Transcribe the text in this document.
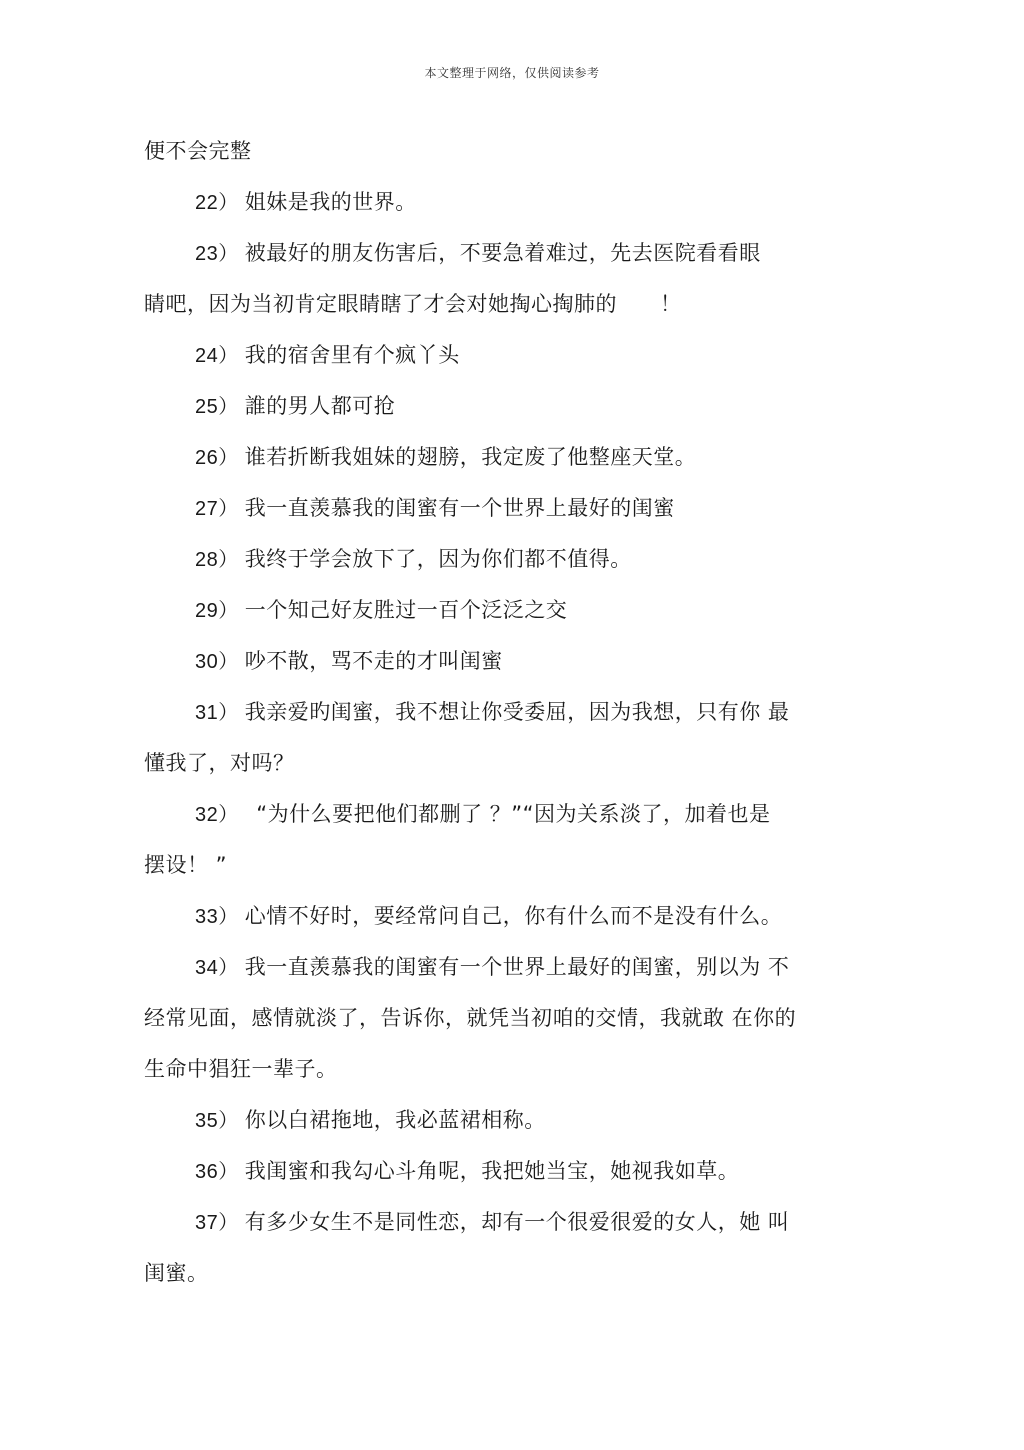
本文整理于网络，仅供阅读参考
便不会完整
22） 姐妹是我的世界。
23） 被最好的朋友伤害后，不要急着难过，先去医院看看眼
睛吧，因为当初肯定眼睛瞎了才会对她掏心掏肺的　　！
24） 我的宿舍里有个疯丫头
25） 誰的男人都可抢
26） 谁若折断我姐妹的翅膀，我定废了他整座天堂。
27） 我一直羡慕我的闺蜜有一个世界上最好的闺蜜
28） 我终于学会放下了，因为你们都不值得。
29） 一个知己好友胜过一百个泛泛之交
30） 吵不散，骂不走的才叫闺蜜
31） 我亲爱旳闺蜜，我不想让你受委屈，因为我想，只有你 最
懂我了，对吗？
32）　“为什么要把他们都删了 ？”“因为关系淡了，加着也是
摆设！ ”
33） 心情不好时，要经常问自己，你有什么而不是没有什么。
34） 我一直羡慕我的闺蜜有一个世界上最好的闺蜜，别以为 不
经常见面，感情就淡了，告诉你，就凭当初咱的交情，我就敢 在你的
生命中猖狂一辈子。
35） 你以白裙拖地，我必蓝裙相称。
36） 我闺蜜和我勾心斗角呢，我把她当宝，她视我如草。
37） 有多少女生不是同性恋，却有一个很爱很爱的女人，她 叫
闺蜜。
